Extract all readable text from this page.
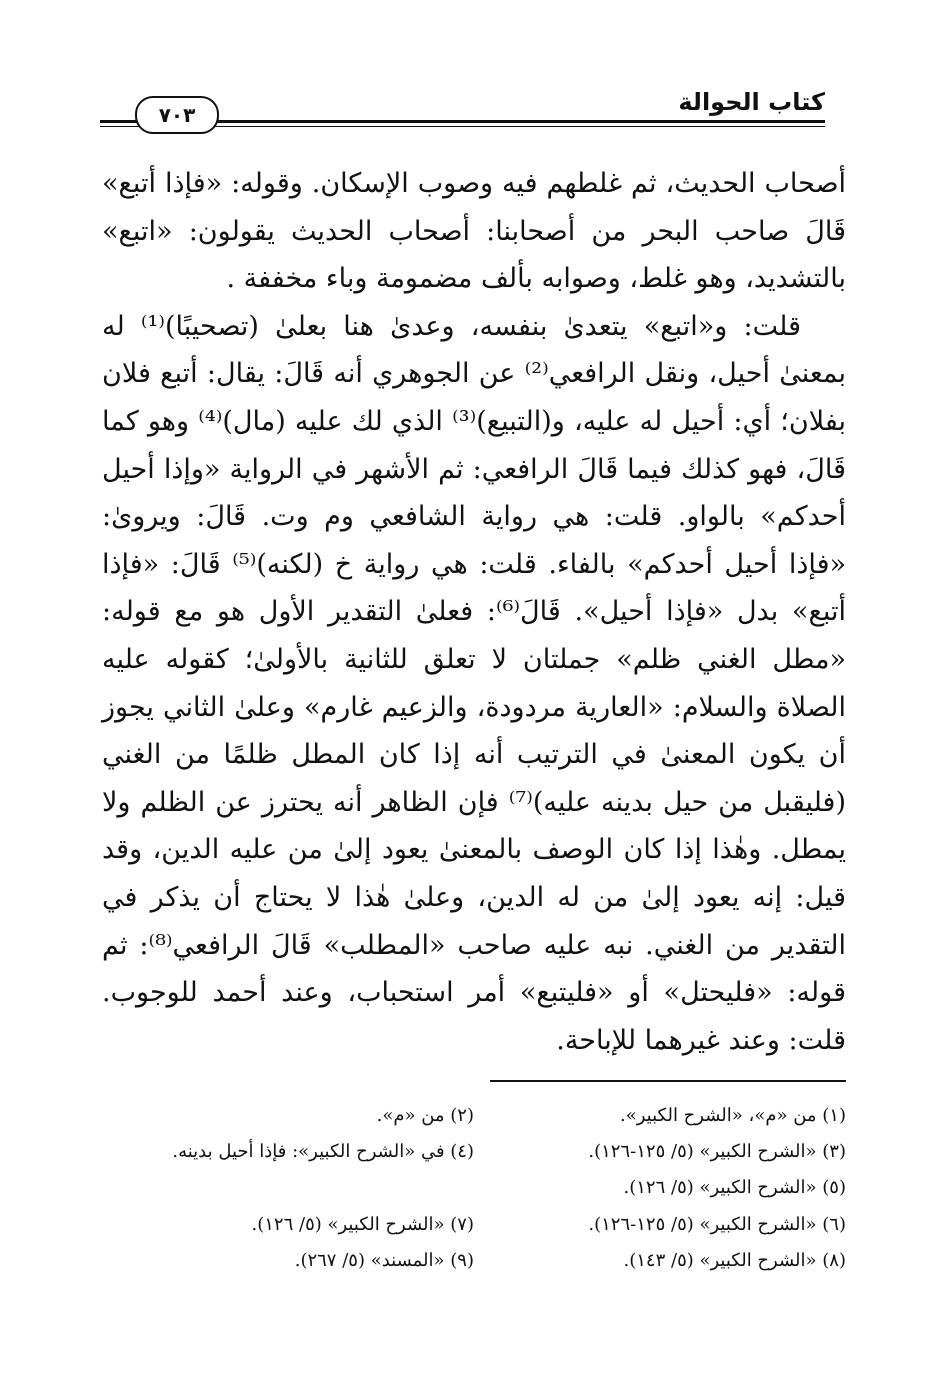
كتاب الحوالة
٧٠٣

أصحاب الحديث، ثم غلطهم فيه وصوب الإسكان. وقوله: «فإذا أتبع» قَالَ صاحب البحر من أصحابنا: أصحاب الحديث يقولون: «اتبع» بالتشديد، وهو غلط، وصوابه بألف مضمومة وباء مخففة .

قلت: و«اتبع» يتعدىٰ بنفسه، وعدىٰ هنا بعلىٰ (تصحيبًا)⁽¹⁾ له بمعنىٰ أحيل، ونقل الرافعي⁽²⁾ عن الجوهري أنه قَالَ: يقال: أتبع فلان بفلان؛ أي: أحيل له عليه، و(التبيع)⁽³⁾ الذي لك عليه (مال)⁽⁴⁾ وهو كما قَالَ، فهو كذلك فيما قَالَ الرافعي: ثم الأشهر في الرواية «وإذا أحيل أحدكم» بالواو. قلت: هي رواية الشافعي وم وت. قَالَ: ويروىٰ: «فإذا أحيل أحدكم» بالفاء. قلت: هي رواية خ (لكنه)⁽⁵⁾ قَالَ: «فإذا أتبع» بدل «فإذا أحيل». قَالَ⁽⁶⁾: فعلىٰ التقدير الأول هو مع قوله: «مطل الغني ظلم» جملتان لا تعلق للثانية بالأولىٰ؛ كقوله عليه الصلاة والسلام: «العارية مردودة، والزعيم غارم» وعلىٰ الثاني يجوز أن يكون المعنىٰ في الترتيب أنه إذا كان المطل ظلمًا من الغني (فليقبل من حيل بدينه عليه)⁽⁷⁾ فإن الظاهر أنه يحترز عن الظلم ولا يمطل. وهٰذا إذا كان الوصف بالمعنىٰ يعود إلىٰ من عليه الدين، وقد قيل: إنه يعود إلىٰ من له الدين، وعلىٰ هٰذا لا يحتاج أن يذكر في التقدير من الغني. نبه عليه صاحب «المطلب» قَالَ الرافعي⁽⁸⁾: ثم قوله: «فليحتل» أو «فليتبع» أمر استحباب، وعند أحمد للوجوب. قلت: وعند غيرهما للإباحة.

(١) من «م»، «الشرح الكبير».
(٢) من «م».
(٣) «الشرح الكبير» (٥/ ١٢٥-١٢٦).
(٤) في «الشرح الكبير»: فإذا أحيل بدينه.
(٥) «الشرح الكبير» (٥/ ١٢٦).
(٦) «الشرح الكبير» (٥/ ١٢٥-١٢٦).
(٧) «الشرح الكبير» (٥/ ١٢٦).
(٨) «الشرح الكبير» (٥/ ١٤٣).
(٩) «المسند» (٥/ ٢٦٧).
